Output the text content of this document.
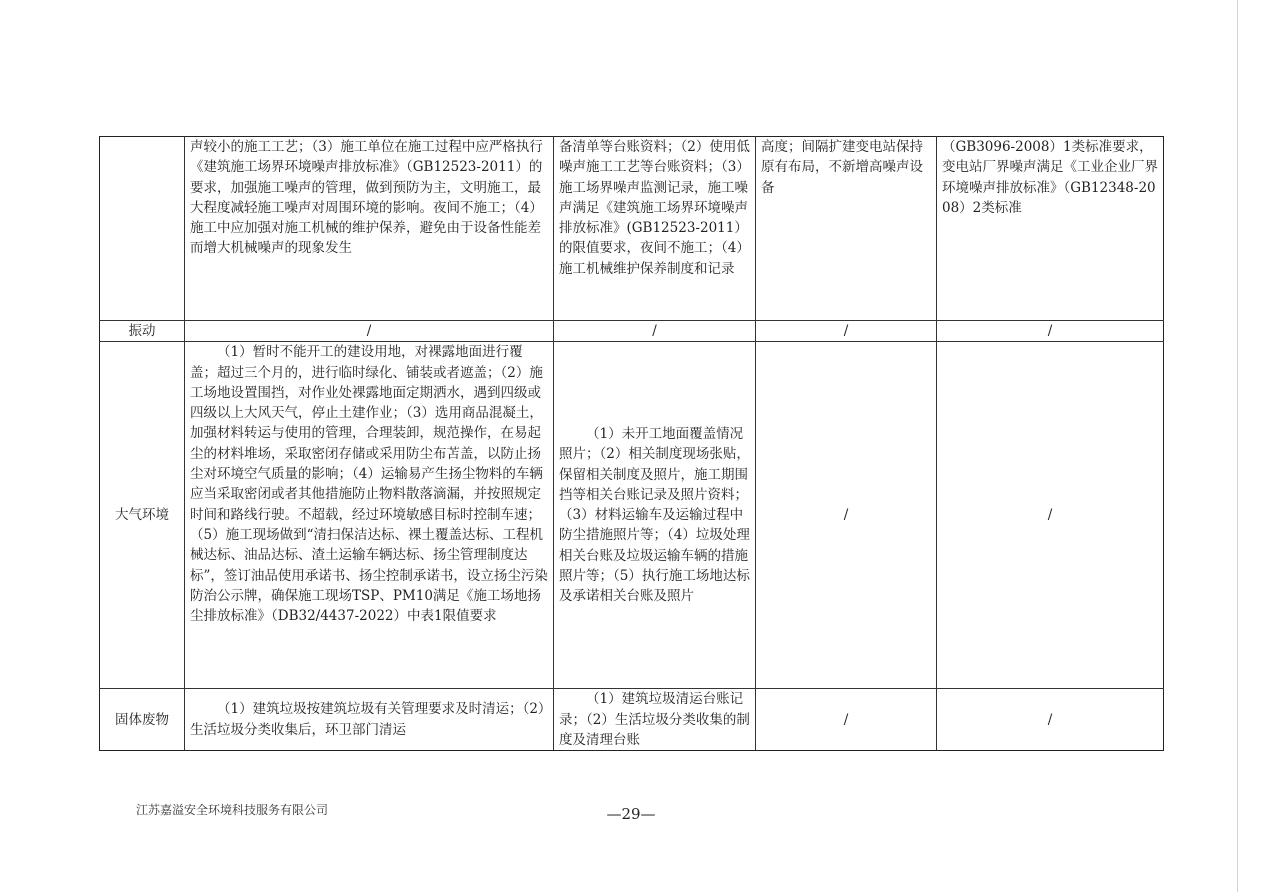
	声较小的施工工艺；（3）施工单位在施工过程中应严格执行《建筑施工场界环境噪声排放标准》（GB12523-2011）的要求，加强施工噪声的管理，做到预防为主，文明施工，最大程度减轻施工噪声对周围环境的影响。夜间不施工；（4）施工中应加强对施工机械的维护保养，避免由于设备性能差而增大机械噪声的现象发生	备清单等台账资料；（2）使用低噪声施工工艺等台账资料；（3）施工场界噪声监测记录，施工噪声满足《建筑施工场界环境噪声排放标准》(GB12523-2011）的限值要求，夜间不施工；（4）施工机械维护保养制度和记录	高度；间隔扩建变电站保持原有布局，不新增高噪声设备	（GB3096-2008）1类标准要求，变电站厂界噪声满足《工业企业厂界环境噪声排放标准》（GB12348-2008）2类标准
振动	/	/	/	/
大气环境	（1）暂时不能开工的建设用地，对裸露地面进行覆盖；超过三个月的，进行临时绿化、铺装或者遮盖；（2）施工场地设置围挡，对作业处裸露地面定期洒水，遇到四级或四级以上大风天气，停止土建作业；（3）选用商品混凝土，加强材料转运与使用的管理，合理装卸，规范操作，在易起尘的材料堆场，采取密闭存储或采用防尘布苫盖，以防止扬尘对环境空气质量的影响；（4）运输易产生扬尘物料的车辆应当采取密闭或者其他措施防止物料散落滴漏，并按照规定时间和路线行驶。不超载，经过环境敏感目标时控制车速；（5）施工现场做到“清扫保洁达标、裸土覆盖达标、工程机械达标、油品达标、渣土运输车辆达标、扬尘管理制度达标”，签订油品使用承诺书、扬尘控制承诺书，设立扬尘污染防治公示牌，确保施工现场TSP、PM10满足《施工场地扬尘排放标准》（DB32/4437-2022）中表1限值要求	（1）未开工地面覆盖情况照片；（2）相关制度现场张贴，保留相关制度及照片，施工期围挡等相关台账记录及照片资料；（3）材料运输车及运输过程中防尘措施照片等；（4）垃圾处理相关台账及垃圾运输车辆的措施照片等；（5）执行施工场地达标及承诺相关台账及照片	/	/
固体废物	（1）建筑垃圾按建筑垃圾有关管理要求及时清运；（2）生活垃圾分类收集后，环卫部门清运	（1）建筑垃圾清运台账记录；（2）生活垃圾分类收集的制度及清理台账	/	/
江苏嘉溢安全环境科技服务有限公司	—29—
